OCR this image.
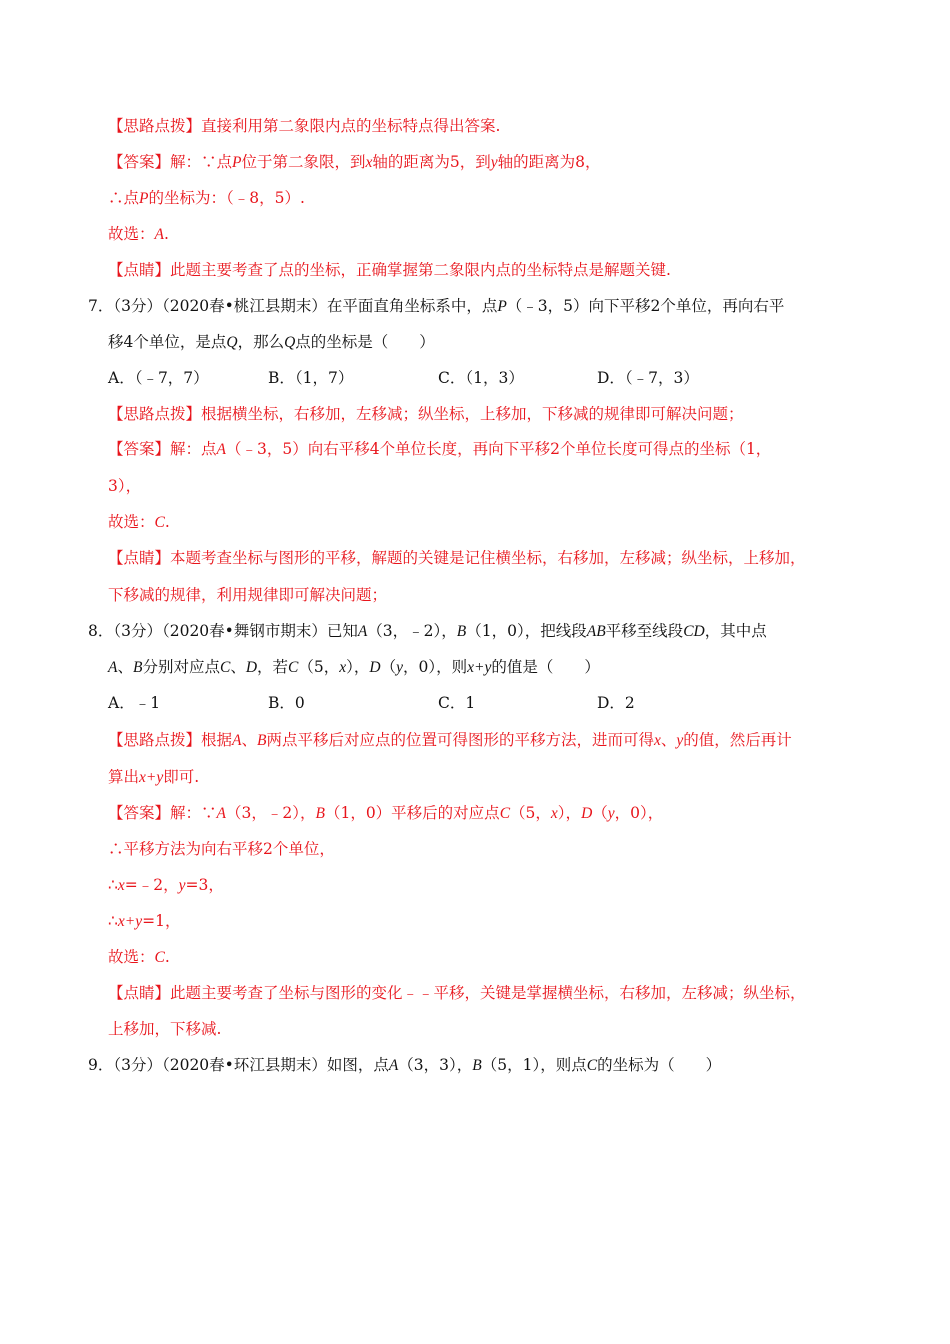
【思路点拨】直接利用第二象限内点的坐标特点得出答案.
【答案】解：∵点P位于第二象限，到x轴的距离为5，到y轴的距离为8，
∴点P的坐标为：（﹣8，5）.
故选：A.
【点睛】此题主要考查了点的坐标，正确掌握第二象限内点的坐标特点是解题关键.
7．（3分）（2020春•桃江县期末）在平面直角坐标系中，点P（﹣3，5）向下平移2个单位，再向右平
移4个单位，是点Q，那么Q点的坐标是（　　）
A．（﹣7，7）	B．（1，7）	C．（1，3）	D．（﹣7，3）
【思路点拨】根据横坐标，右移加，左移减；纵坐标，上移加，下移减的规律即可解决问题；
【答案】解：点A（﹣3，5）向右平移4个单位长度，再向下平移2个单位长度可得点的坐标（1，
3），
故选：C.
【点睛】本题考查坐标与图形的平移，解题的关键是记住横坐标，右移加，左移减；纵坐标，上移加，
下移减的规律，利用规律即可解决问题；
8．（3分）（2020春•舞钢市期末）已知A（3，﹣2），B（1，0），把线段AB平移至线段CD，其中点
A、B分别对应点C、D，若C（5，x），D（y，0），则x+y的值是（　　）
A．﹣1	B．0	C．1	D．2
【思路点拨】根据A、B两点平移后对应点的位置可得图形的平移方法，进而可得x、y的值，然后再计
算出x+y即可.
【答案】解：∵A（3，﹣2），B（1，0）平移后的对应点C（5，x），D（y，0），
∴平移方法为向右平移2个单位，
∴x=﹣2，y=3，
∴x+y=1，
故选：C.
【点睛】此题主要考查了坐标与图形的变化﹣﹣平移，关键是掌握横坐标，右移加，左移减；纵坐标，
上移加，下移减.
9．（3分）（2020春•环江县期末）如图，点A（3，3），B（5，1），则点C的坐标为（　　）
